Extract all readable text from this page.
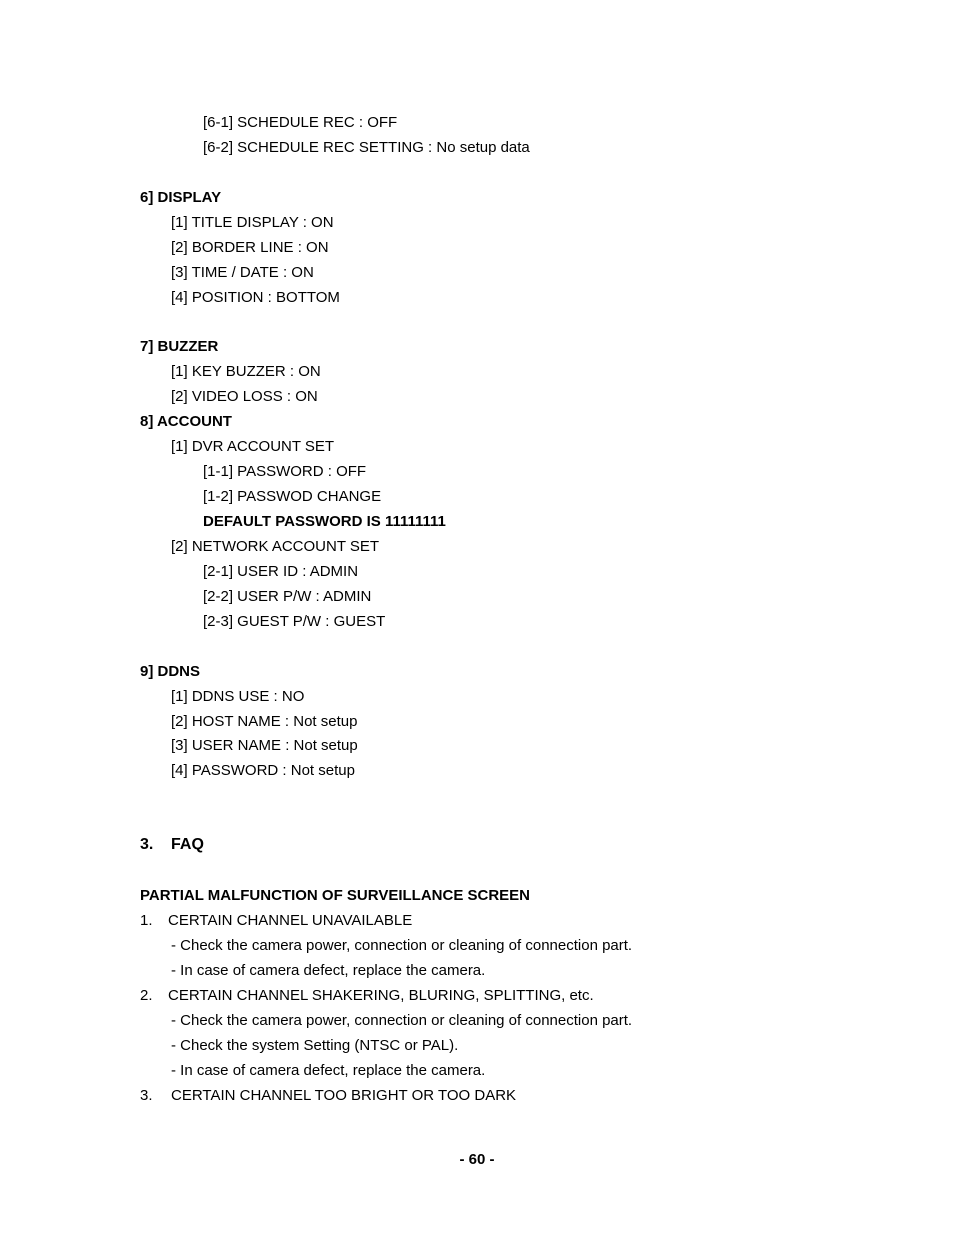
[6-1] SCHEDULE REC : OFF
[6-2] SCHEDULE REC SETTING : No setup data
6] DISPLAY
[1] TITLE DISPLAY : ON
[2] BORDER LINE : ON
[3] TIME / DATE : ON
[4] POSITION : BOTTOM
7] BUZZER
[1] KEY BUZZER : ON
[2] VIDEO LOSS : ON
8] ACCOUNT
[1] DVR ACCOUNT SET
[1-1] PASSWORD : OFF
[1-2] PASSWOD CHANGE
DEFAULT PASSWORD IS 11111111
[2] NETWORK ACCOUNT SET
[2-1] USER ID : ADMIN
[2-2] USER P/W : ADMIN
[2-3] GUEST P/W : GUEST
9] DDNS
[1] DDNS USE : NO
[2] HOST NAME : Not setup
[3] USER NAME : Not setup
[4] PASSWORD : Not setup
3. FAQ
PARTIAL MALFUNCTION OF SURVEILLANCE SCREEN
1. CERTAIN CHANNEL UNAVAILABLE
- Check the camera power, connection or cleaning of connection part.
- In case of camera defect, replace the camera.
2. CERTAIN CHANNEL SHAKERING, BLURING, SPLITTING, etc.
- Check the camera power, connection or cleaning of connection part.
- Check the system Setting (NTSC or PAL).
- In case of camera defect, replace the camera.
3. CERTAIN CHANNEL TOO BRIGHT OR TOO DARK
- 60 -
